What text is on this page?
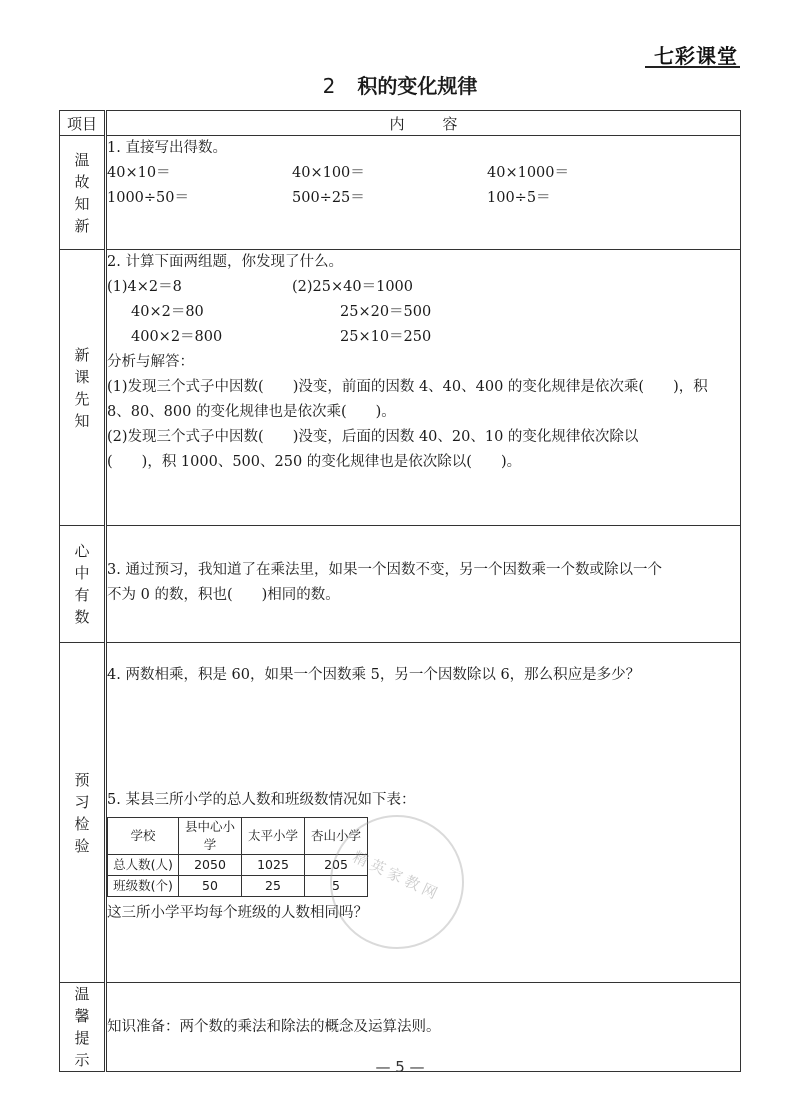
七彩课堂
2 积的变化规律
项目	内容
温故知新	
1. 直接写出得数。
40×10＝	40×100＝	40×1000＝
1000÷50＝	500÷25＝	100÷5＝

新课先知	
2. 计算下面两组题，你发现了什么。
(1)4×2＝8	(2)25×40＝1000
40×2＝80	25×20＝500
400×2＝800	25×10＝250
分析与解答：
(1)发现三个式子中因数(　　)没变，前面的因数 4、40、400 的变化规律是依次乘(　　)，积
8、80、800 的变化规律也是依次乘(　　)。
(2)发现三个式子中因数(　　)没变，后面的因数 40、20、10 的变化规律依次除以
(　　)，积 1000、500、250 的变化规律也是依次除以(　　)。

心中有数	
3. 通过预习，我知道了在乘法里，如果一个因数不变，另一个因数乘一个数或除以一个
不为 0 的数，积也(　　)相同的数。

预习检验	
4. 两数相乘，积是 60，如果一个因数乘 5，另一个因数除以 6，那么积应是多少？
5. 某县三所小学的总人数和班级数情况如下表：
学校	县中心小学	太平小学	杏山小学
总人数(人)	2050	1025	205
班级数(个)	50	25	5
这三所小学平均每个班级的人数相同吗？

温馨提示	
知识准备：两个数的乘法和除法的概念及运算法则。
精英家教网
— 5 —
